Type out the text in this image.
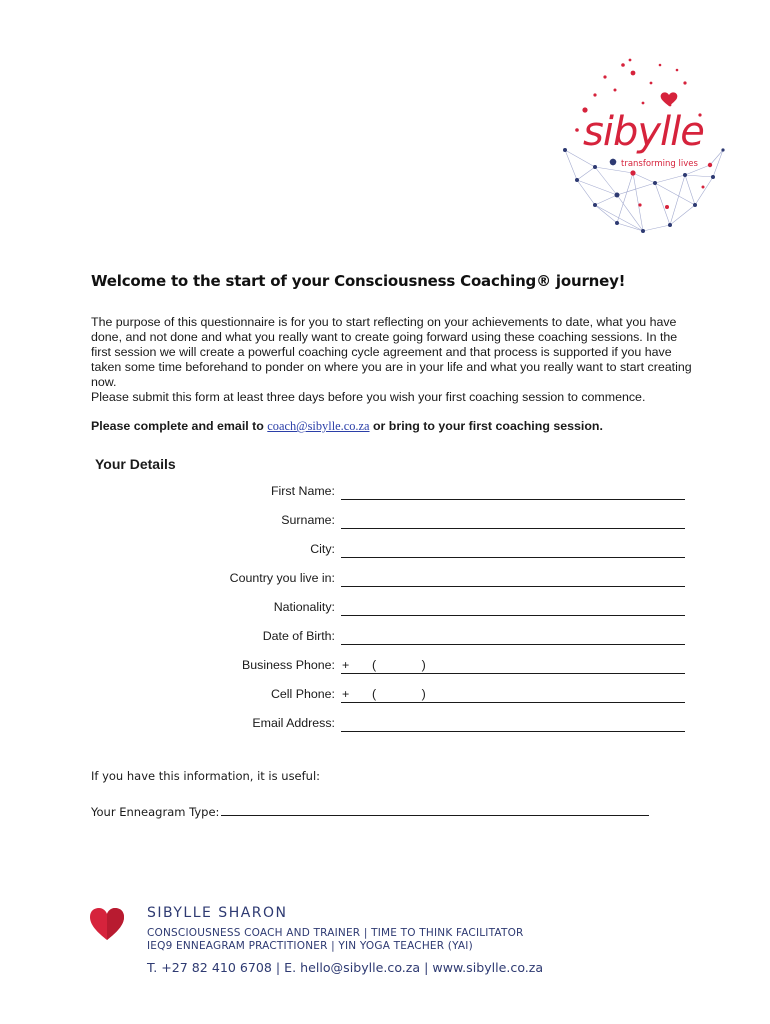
sibylle
transforming lives
Welcome to the start of your Consciousness Coaching® journey!

The purpose of this questionnaire is for you to start reflecting on your achievements to date, what you have done, and not done and what you really want to create going forward using these coaching sessions. In the first session we will create a powerful coaching cycle agreement and that process is supported if you have taken some time beforehand to ponder on where you are in your life and what you really want to start creating now.

Please submit this form at least three days before you wish your first coaching session to commence.

Please complete and email to coach@sibylle.co.za or bring to your first coaching session.

Your Details
First Name:
Surname:
City:
Country you live in:
Nationality:
Date of Birth:
Business Phone: + ( )
Cell Phone: + ( )
Email Address:

If you have this information, it is useful:

Your Enneagram Type:

SIBYLLE SHARON

CONSCIOUSNESS COACH AND TRAINER | TIME TO THINK FACILITATOR

IEQ9 ENNEAGRAM PRACTITIONER | YIN YOGA TEACHER (YAI)

T. +27 82 410 6708 | E. hello@sibylle.co.za | www.sibylle.co.za
